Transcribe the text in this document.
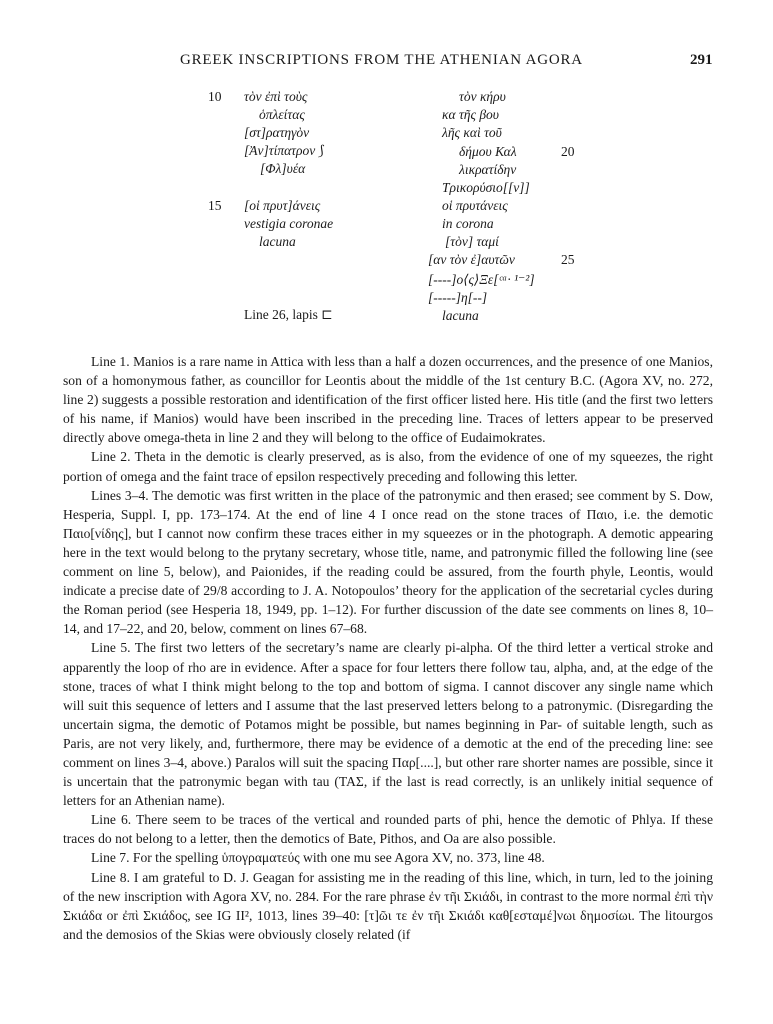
GREEK INSCRIPTIONS FROM THE ATHENIAN AGORA	291
10
15
20
25
τὸν ἐπὶ τοὺς
ὁπλείτας
[στ]ρατηγὸν
[Ἀν]τίπατρον ⟆
[Φλ]υέα
[οἱ πρυτ]άνεις
vestigia coronae
lacuna
Line 26, lapis ⊏
τὸν κήρυ
κα τῆς βου
λῆς καὶ τοῦ
δήμου Καλ
λικρατίδην
Τρικορύσιο[[ν]]
οἱ πρυτάνεις
in corona
[τὸν] ταμί
[αν τὸν ἐ]αυτῶν
[----]ο⟨ς⟩Ξε[ᶜᵃ· ¹⁻²]
[-----]η[--]
lacuna

Line 1. Manios is a rare name in Attica with less than a half a dozen occurrences, and the presence of one Manios, son of a homonymous father, as councillor for Leontis about the middle of the 1st century B.C. (Agora XV, no. 272, line 2) suggests a possible restoration and identification of the first officer listed here. His title (and the first two letters of his name, if Manios) would have been inscribed in the preceding line. Traces of letters appear to be preserved directly above omega-theta in line 2 and they will belong to the office of Eudaimokrates.

Line 2. Theta in the demotic is clearly preserved, as is also, from the evidence of one of my squeezes, the right portion of omega and the faint trace of epsilon respectively preceding and following this letter.

Lines 3–4. The demotic was first written in the place of the patronymic and then erased; see comment by S. Dow, Hesperia, Suppl. I, pp. 173–174. At the end of line 4 I once read on the stone traces of Παιο, i.e. the demotic Παιο[νίδης], but I cannot now confirm these traces either in my squeezes or in the photograph. A demotic appearing here in the text would belong to the prytany secretary, whose title, name, and patronymic filled the following line (see comment on line 5, below), and Paionides, if the reading could be assured, from the fourth phyle, Leontis, would indicate a precise date of 29/8 according to J. A. Notopoulos’ theory for the application of the secretarial cycles during the Roman period (see Hesperia 18, 1949, pp. 1–12). For further discussion of the date see comments on lines 8, 10–14, and 17–22, and 20, below, comment on lines 67–68.

Line 5. The first two letters of the secretary’s name are clearly pi-alpha. Of the third letter a vertical stroke and apparently the loop of rho are in evidence. After a space for four letters there follow tau, alpha, and, at the edge of the stone, traces of what I think might belong to the top and bottom of sigma. I cannot discover any single name which will suit this sequence of letters and I assume that the last preserved letters belong to a patronymic. (Disregarding the uncertain sigma, the demotic of Potamos might be possible, but names beginning in Par- of suitable length, such as Paris, are not very likely, and, furthermore, there may be evidence of a demotic at the end of the preceding line: see comment on lines 3–4, above.) Paralos will suit the spacing Παρ[....], but other rare shorter names are possible, since it is uncertain that the patronymic began with tau (ΤΑΣ, if the last is read correctly, is an unlikely initial sequence of letters for an Athenian name).

Line 6. There seem to be traces of the vertical and rounded parts of phi, hence the demotic of Phlya. If these traces do not belong to a letter, then the demotics of Bate, Pithos, and Oa are also possible.

Line 7. For the spelling ὑπογραματεύς with one mu see Agora XV, no. 373, line 48.

Line 8. I am grateful to D. J. Geagan for assisting me in the reading of this line, which, in turn, led to the joining of the new inscription with Agora XV, no. 284. For the rare phrase ἐν τῆι Σκιάδι, in contrast to the more normal ἐπὶ τὴν Σκιάδα or ἐπὶ Σκιάδος, see IG II², 1013, lines 39–40: [τ]ῶι τε ἐν τῆι Σκιάδι καθ[εσταμέ]νωι δημοσίωι. The litourgos and the demosios of the Skias were obviously closely related (if
